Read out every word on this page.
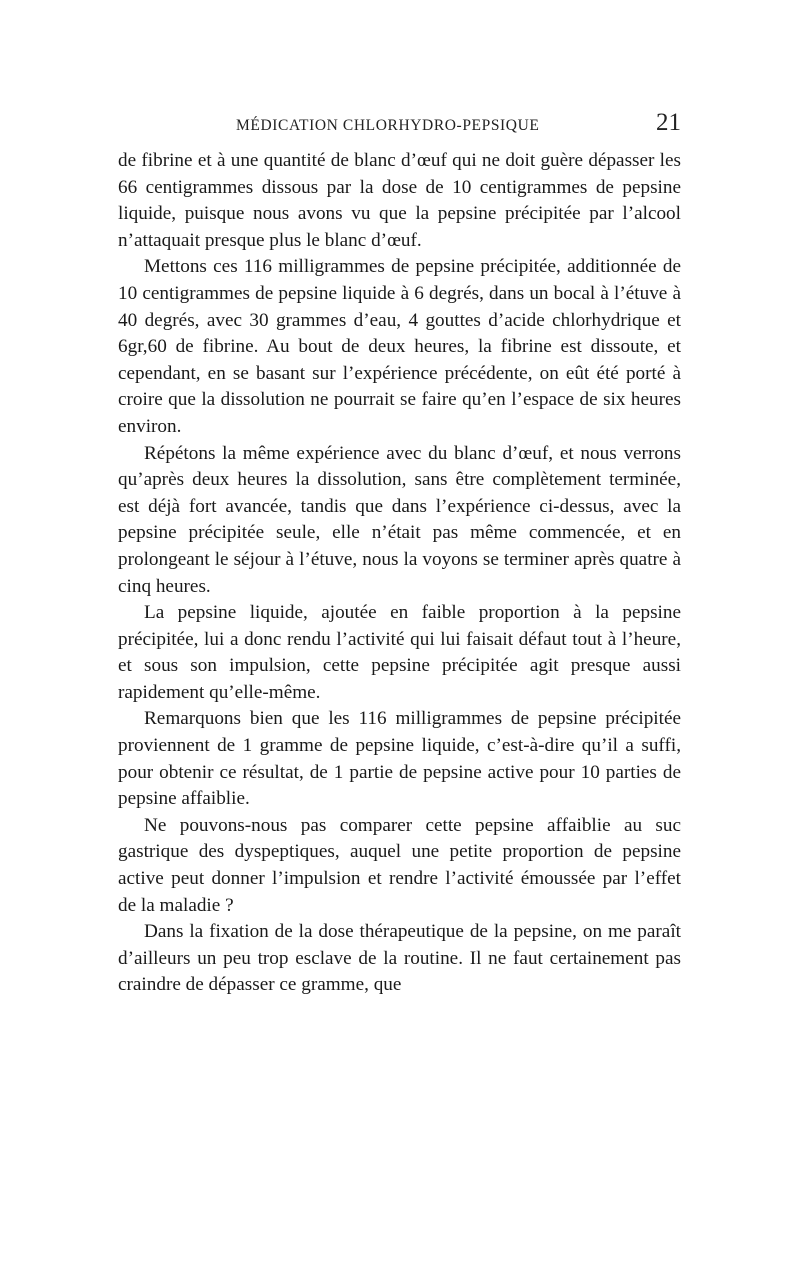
MÉDICATION CHLORHYDRO-PEPSIQUE	21

de fibrine et à une quantité de blanc d’œuf qui ne doit guère dépasser les 66 centigrammes dissous par la dose de 10 centigrammes de pepsine liquide, puisque nous avons vu que la pepsine précipitée par l’alcool n’attaquait presque plus le blanc d’œuf.

Mettons ces 116 milligrammes de pepsine précipitée, additionnée de 10 centigrammes de pepsine liquide à 6 degrés, dans un bocal à l’étuve à 40 degrés, avec 30 grammes d’eau, 4 gouttes d’acide chlorhydrique et 6gr,60 de fibrine. Au bout de deux heures, la fibrine est dissoute, et cependant, en se basant sur l’expérience précédente, on eût été porté à croire que la dissolution ne pourrait se faire qu’en l’espace de six heures environ.

Répétons la même expérience avec du blanc d’œuf, et nous verrons qu’après deux heures la dissolution, sans être complètement terminée, est déjà fort avancée, tandis que dans l’expérience ci-dessus, avec la pepsine précipitée seule, elle n’était pas même commencée, et en prolongeant le séjour à l’étuve, nous la voyons se terminer après quatre à cinq heures.

La pepsine liquide, ajoutée en faible proportion à la pepsine précipitée, lui a donc rendu l’activité qui lui faisait défaut tout à l’heure, et sous son impulsion, cette pepsine précipitée agit presque aussi rapidement qu’elle-même.

Remarquons bien que les 116 milligrammes de pepsine précipitée proviennent de 1 gramme de pepsine liquide, c’est-à-dire qu’il a suffi, pour obtenir ce résultat, de 1 partie de pepsine active pour 10 parties de pepsine affaiblie.

Ne pouvons-nous pas comparer cette pepsine affaiblie au suc gastrique des dyspeptiques, auquel une petite proportion de pepsine active peut donner l’impulsion et rendre l’activité émoussée par l’effet de la maladie ?

Dans la fixation de la dose thérapeutique de la pepsine, on me paraît d’ailleurs un peu trop esclave de la routine. Il ne faut certainement pas craindre de dépasser ce gramme, que
